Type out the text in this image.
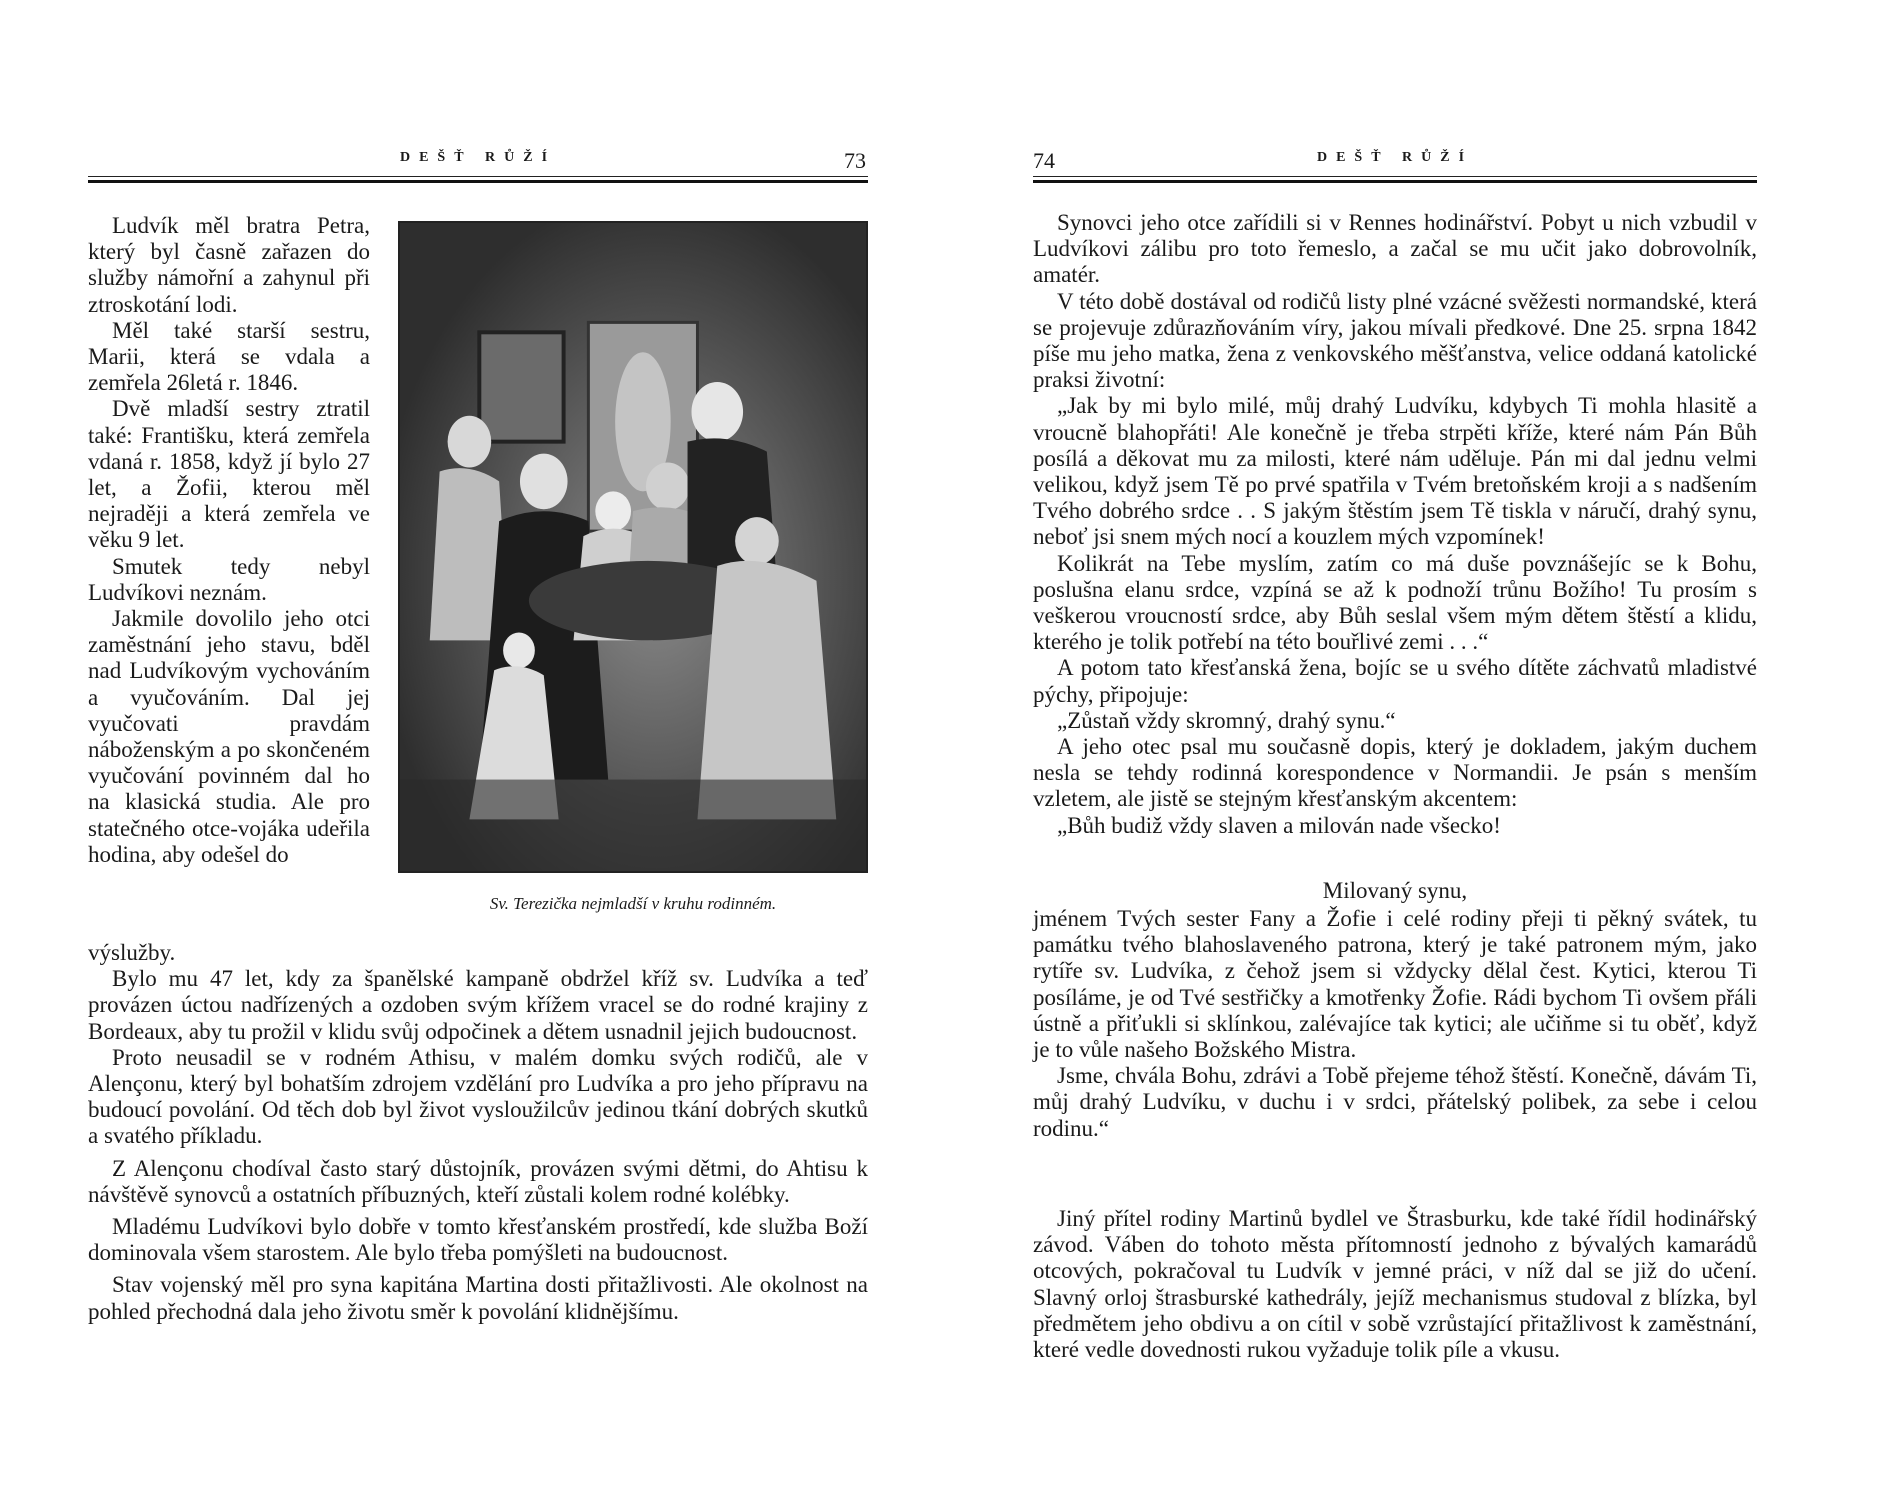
DEŠŤ RŮŽÍ	73

Ludvík měl bratra Petra, který byl časně zařazen do služby námořní a zahynul při ztroskotání lodi.

Měl také starší sestru, Marii, která se vdala a zemřela 26letá r. 1846.

Dvě mladší sestry ztratil také: Františku, která zemřela vdaná r. 1858, když jí bylo 27 let, a Žofii, kterou měl nejraději a která zemřela ve věku 9 let.

Smutek tedy nebyl Ludvíkovi neznám.

Jakmile dovolilo jeho otci zaměstnání jeho stavu, bděl nad Ludvíkovým vychováním a vyučováním. Dal jej vyučovati pravdám náboženským a po skončeném vyučování povinném dal ho na klasická studia. Ale pro statečného otce-vojáka udeřila hodina, aby odešel do

Sv. Terezička nejmladší v kruhu rodinném.

výslužby.

Bylo mu 47 let, kdy za španělské kampaně obdržel kříž sv. Ludvíka a teď provázen úctou nadřízených a ozdoben svým křížem vracel se do rodné krajiny z Bordeaux, aby tu prožil v klidu svůj odpočinek a dětem usnadnil jejich budoucnost.

Proto neusadil se v rodném Athisu, v malém domku svých rodičů, ale v Alençonu, který byl bohatším zdrojem vzdělání pro Ludvíka a pro jeho přípravu na budoucí povolání. Od těch dob byl život vysloužilcův jedinou tkání dobrých skutků a svatého příkladu.

Z Alençonu chodíval často starý důstojník, provázen svými dětmi, do Ahtisu k návštěvě synovců a ostatních příbuzných, kteří zůstali kolem rodné kolébky.

Mladému Ludvíkovi bylo dobře v tomto křesťanském prostředí, kde služba Boží dominovala všem starostem. Ale bylo třeba pomýšleti na budoucnost.

Stav vojenský měl pro syna kapitána Martina dosti přitažlivosti. Ale okolnost na pohled přechodná dala jeho životu směr k povolání klidnějšímu.

74	DEŠŤ RŮŽÍ

Synovci jeho otce zařídili si v Rennes hodinářství. Pobyt u nich vzbudil v Ludvíkovi zálibu pro toto řemeslo, a začal se mu učit jako dobrovolník, amatér.

V této době dostával od rodičů listy plné vzácné svěžesti normandské, která se projevuje zdůrazňováním víry, jakou mívali předkové. Dne 25. srpna 1842 píše mu jeho matka, žena z venkovského měšťanstva, velice oddaná katolické praksi životní:

„Jak by mi bylo milé, můj drahý Ludvíku, kdybych Ti mohla hlasitě a vroucně blahopřáti! Ale konečně je třeba strpěti kříže, které nám Pán Bůh posílá a děkovat mu za milosti, které nám uděluje. Pán mi dal jednu velmi velikou, když jsem Tě po prvé spatřila v Tvém bretoňském kroji a s nadšením Tvého dobrého srdce . . S jakým štěstím jsem Tě tiskla v náručí, drahý synu, neboť jsi snem mých nocí a kouzlem mých vzpomínek!

Kolikrát na Tebe myslím, zatím co má duše povznášejíc se k Bohu, poslušna elanu srdce, vzpíná se až k podnoží trůnu Božího! Tu prosím s veškerou vroucností srdce, aby Bůh seslal všem mým dětem štěstí a klidu, kterého je tolik potřebí na této bouřlivé zemi . . .“

A potom tato křesťanská žena, bojíc se u svého dítěte záchvatů mladistvé pýchy, připojuje:

„Zůstaň vždy skromný, drahý synu.“

A jeho otec psal mu současně dopis, který je dokladem, jakým duchem nesla se tehdy rodinná korespondence v Normandii. Je psán s menším vzletem, ale jistě se stejným křesťanským akcentem:

„Bůh budiž vždy slaven a milován nade všecko!

Milovaný synu,

jménem Tvých sester Fany a Žofie i celé rodiny přeji ti pěkný svátek, tu památku tvého blahoslaveného patrona, který je také patronem mým, jako rytíře sv. Ludvíka, z čehož jsem si vždycky dělal čest. Kytici, kterou Ti posíláme, je od Tvé sestřičky a kmotřenky Žofie. Rádi bychom Ti ovšem přáli ústně a přiťukli si sklínkou, zalévajíce tak kytici; ale učiňme si tu oběť, když je to vůle našeho Božského Mistra.

Jsme, chvála Bohu, zdrávi a Tobě přejeme téhož štěstí. Konečně, dávám Ti, můj drahý Ludvíku, v duchu i v srdci, přátelský polibek, za sebe i celou rodinu.“

Jiný přítel rodiny Martinů bydlel ve Štrasburku, kde také řídil hodinářský závod. Váben do tohoto města přítomností jednoho z bývalých kamarádů otcových, pokračoval tu Ludvík v jemné práci, v níž dal se již do učení. Slavný orloj štrasburské kathedrály, jejíž mechanismus studoval z blízka, byl předmětem jeho obdivu a on cítil v sobě vzrůstající přitažlivost k zaměstnání, které vedle dovednosti rukou vyžaduje tolik píle a vkusu.
